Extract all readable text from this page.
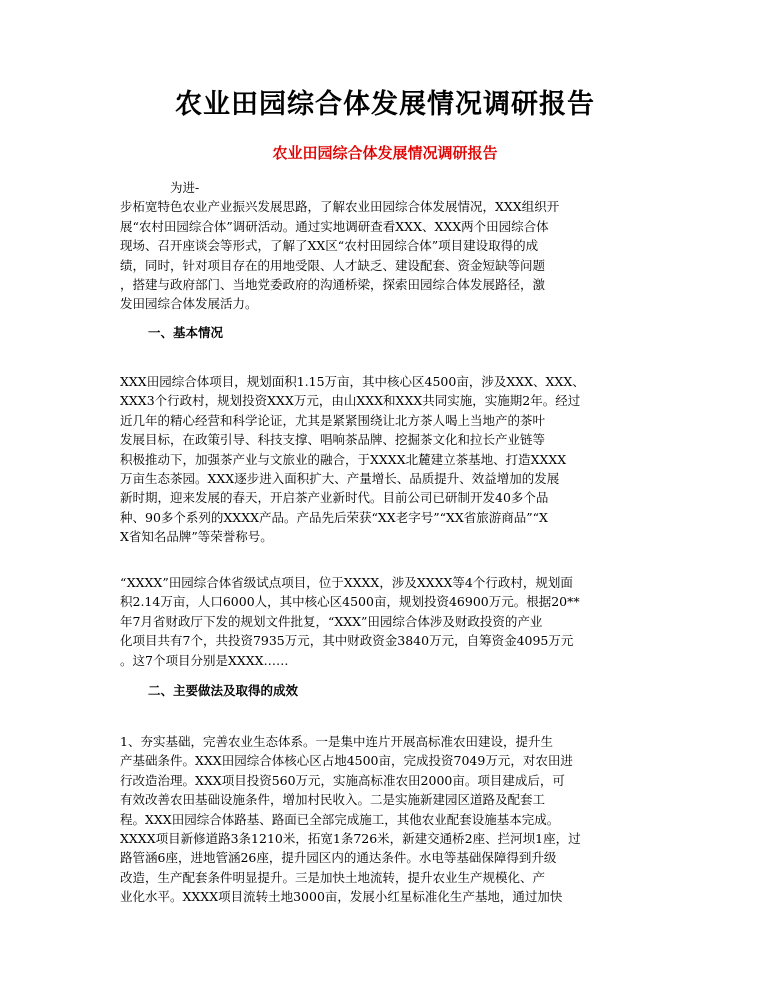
农业田园综合体发展情况调研报告
农业田园综合体发展情况调研报告

　　　　为进-
步柘宽特色农业产业振兴发展思路，了解农业田园综合体发展情况，XXX组织开
展“农村田园综合体”调研活动。通过实地调研查看XXX、XXX两个田园综合体
现场、召开座谈会等形式，了解了XX区“农村田园综合体”项目建设取得的成
绩，同时，针对项目存在的用地受限、人才缺乏、建设配套、资金短缺等问题
，搭建与政府部门、当地党委政府的沟通桥梁，探索田园综合体发展路径，激
发田园综合体发展活力。

一、基本情况

XXX田园综合体项目，规划面积1.15万亩，其中核心区4500亩，涉及XXX、XXX、
XXX3个行政村，规划投资XXX万元，由山XXX和XXX共同实施，实施期2年。经过
近几年的精心经营和科学论证，尤其是紧紧围绕让北方茶人喝上当地产的茶叶
发展目标，在政策引导、科技支撑、唱响茶品牌、挖掘茶文化和拉长产业链等
积极推动下，加强茶产业与文旅业的融合，于XXXX北麓建立茶基地、打造XXXX
万亩生态茶园。XXX逐步进入面积扩大、产量增长、品质提升、效益增加的发展
新时期，迎来发展的春天，开启茶产业新时代。目前公司已研制开发40多个品
种、90多个系列的XXXX产品。产品先后荣获“XX老字号”“XX省旅游商品”“X
X省知名品牌”等荣誉称号。

“XXXX”田园综合体省级试点项目，位于XXXX，涉及XXXX等4个行政村，规划面
积2.14万亩，人口6000人，其中核心区4500亩，规划投资46900万元。根据20**
年7月省财政厅下发的规划文件批复，“XXX”田园综合体涉及财政投资的产业
化项目共有7个，共投资7935万元，其中财政资金3840万元，自筹资金4095万元
。这7个项目分别是XXXX……

二、主要做法及取得的成效

1、夯实基础，完善农业生态体系。一是集中连片开展高标准农田建设，提升生
产基础条件。XXX田园综合体核心区占地4500亩，完成投资7049万元，对农田进
行改造治理。XXX项目投资560万元，实施高标准农田2000亩。项目建成后，可
有效改善农田基础设施条件，增加村民收入。二是实施新建园区道路及配套工
程。XXX田园综合体路基、路面已全部完成施工，其他农业配套设施基本完成。
XXXX项目新修道路3条1210米，拓宽1条726米，新建交通桥2座、拦河坝1座，过
路管涵6座，进地管涵26座，提升园区内的通达条件。水电等基础保障得到升级
改造，生产配套条件明显提升。三是加快土地流转，提升农业生产规模化、产
业化水平。XXXX项目流转土地3000亩，发展小红星标准化生产基地，通过加快
